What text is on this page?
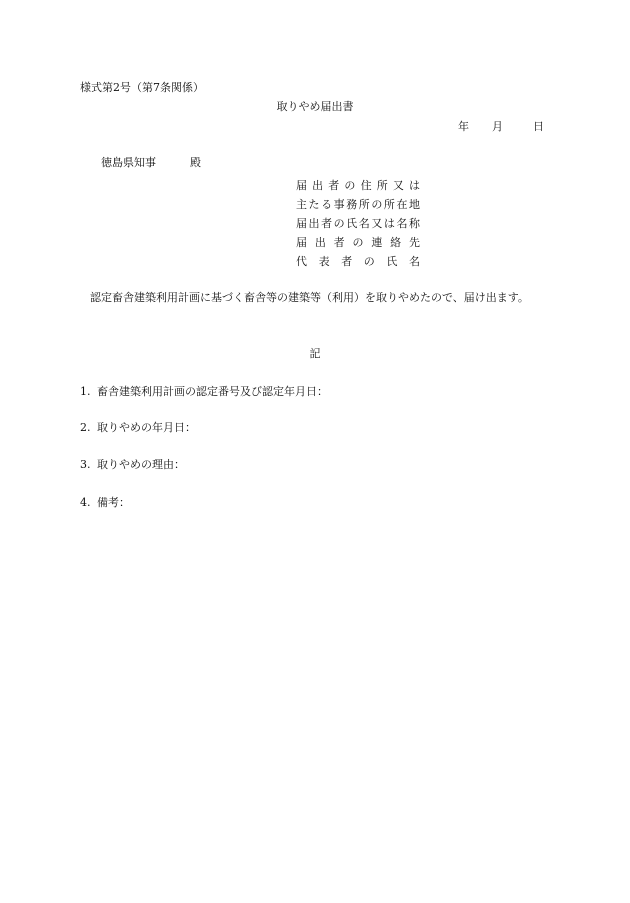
様式第2号（第7条関係）
取りやめ届出書
年 月	日
徳島県知事	殿
届出者の住所又は
主たる事務所の所在地
届出者の氏名又は名称
届出者の連絡先
代表者の氏名
認定畜舎建築利用計画に基づく畜舎等の建築等（利用）を取りやめたので、届け出ます。
記
1. 畜舎建築利用計画の認定番号及び認定年月日：
2. 取りやめの年月日：
3. 取りやめの理由：
4. 備考：
